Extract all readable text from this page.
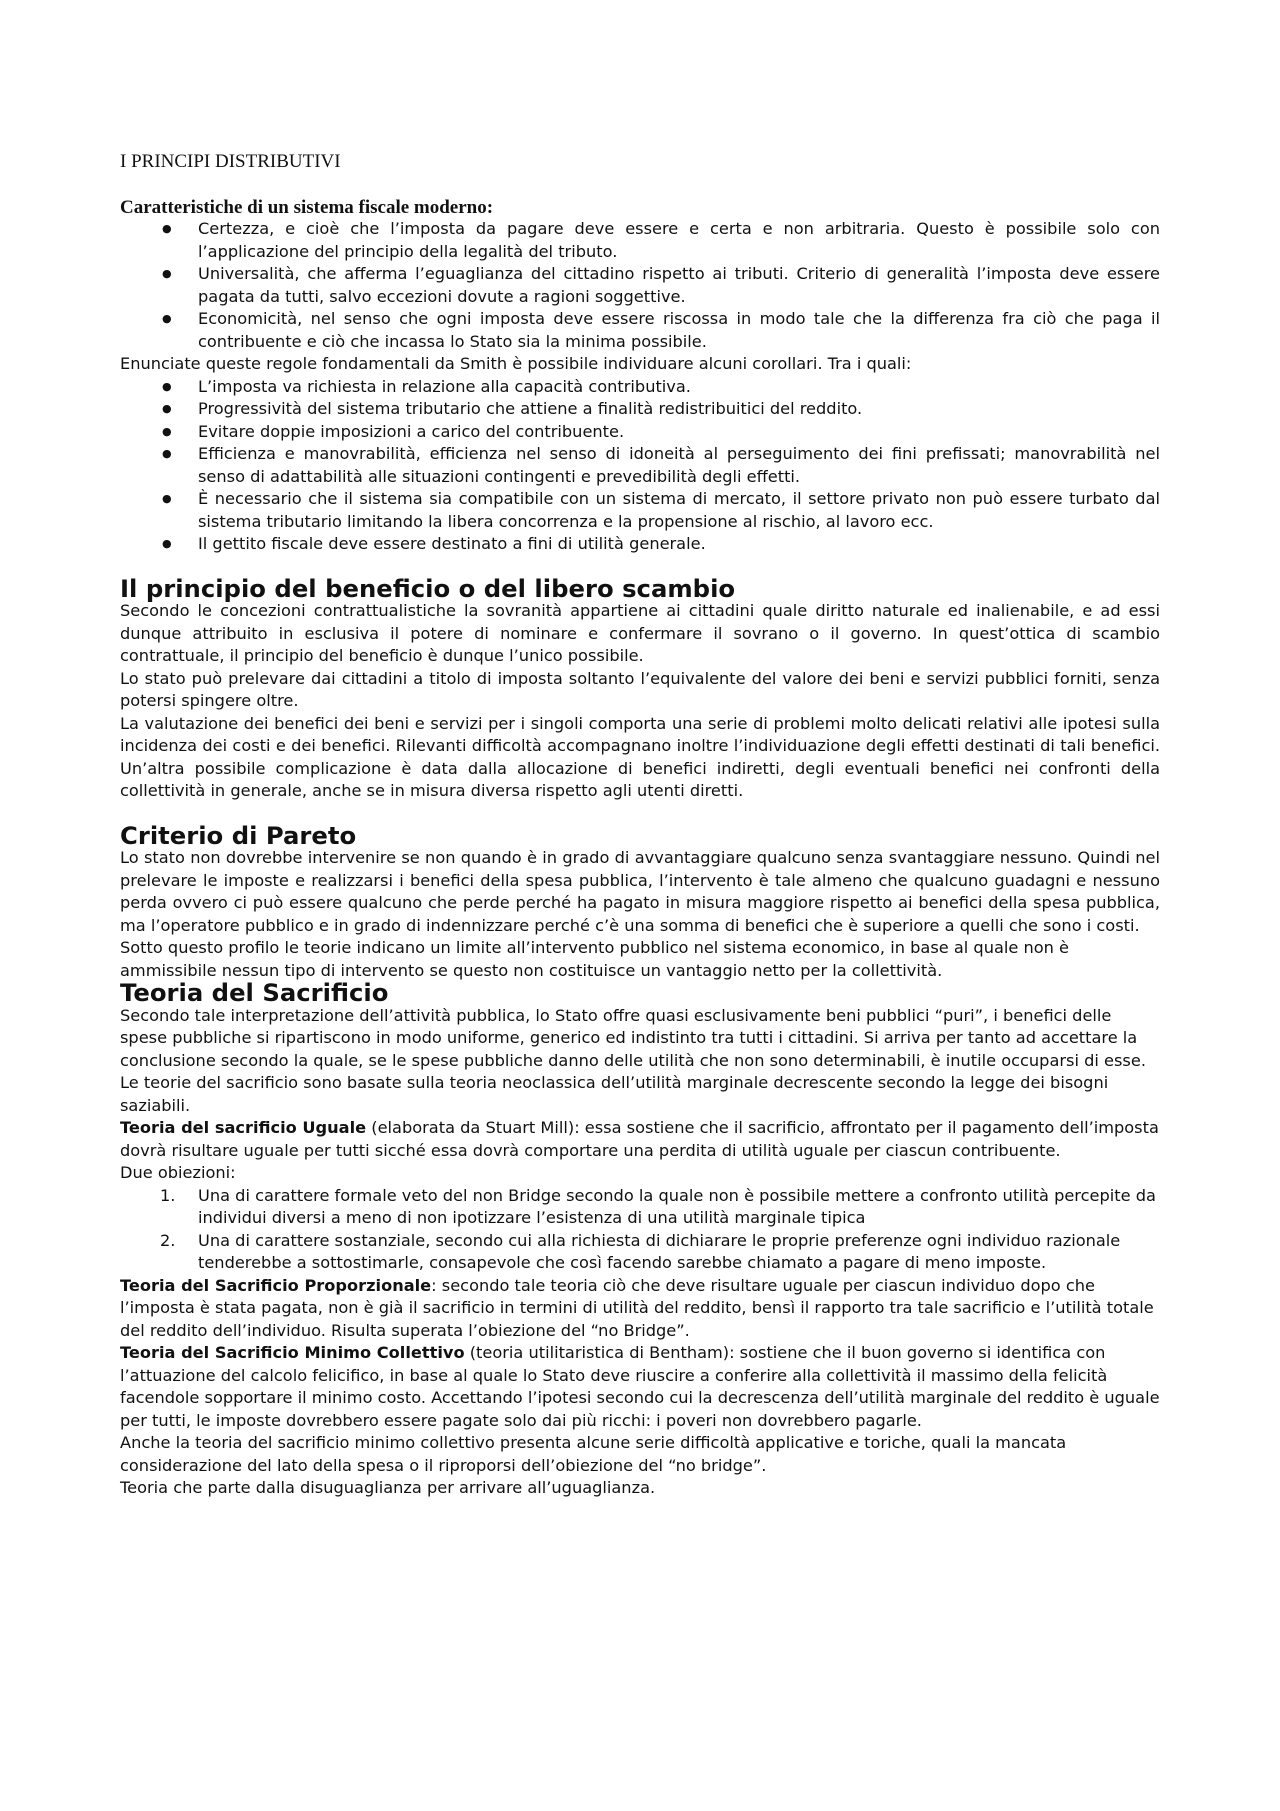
I PRINCIPI DISTRIBUTIVI
Caratteristiche di un sistema fiscale moderno:
● Certezza, e cioè che l’imposta da pagare deve essere e certa e non arbitraria. Questo è possibile solo con l’applicazione del principio della legalità del tributo.
● Universalità, che afferma l’eguaglianza del cittadino rispetto ai tributi. Criterio di generalità l’imposta deve essere pagata da tutti, salvo eccezioni dovute a ragioni soggettive.
● Economicità, nel senso che ogni imposta deve essere riscossa in modo tale che la differenza fra ciò che paga il contribuente e ciò che incassa lo Stato sia la minima possibile.

Enunciate queste regole fondamentali da Smith è possibile individuare alcuni corollari. Tra i quali:

● L’imposta va richiesta in relazione alla capacità contributiva.
● Progressività del sistema tributario che attiene a finalità redistribuitici del reddito.
● Evitare doppie imposizioni a carico del contribuente.
● Efficienza e manovrabilità, efficienza nel senso di idoneità al perseguimento dei fini prefissati; manovrabilità nel senso di adattabilità alle situazioni contingenti e prevedibilità degli effetti.
● È necessario che il sistema sia compatibile con un sistema di mercato, il settore privato non può essere turbato dal sistema tributario limitando la libera concorrenza e la propensione al rischio, al lavoro ecc.
● Il gettito fiscale deve essere destinato a fini di utilità generale.
Il principio del beneficio o del libero scambio

Secondo le concezioni contrattualistiche la sovranità appartiene ai cittadini quale diritto naturale ed inalienabile, e ad essi dunque attribuito in esclusiva il potere di nominare e confermare il sovrano o il governo. In quest’ottica di scambio contrattuale, il principio del beneficio è dunque l’unico possibile.

Lo stato può prelevare dai cittadini a titolo di imposta soltanto l’equivalente del valore dei beni e servizi pubblici forniti, senza potersi spingere oltre.

La valutazione dei benefici dei beni e servizi per i singoli comporta una serie di problemi molto delicati relativi alle ipotesi sulla incidenza dei costi e dei benefici. Rilevanti difficoltà accompagnano inoltre l’individuazione degli effetti destinati di tali benefici. Un’altra possibile complicazione è data dalla allocazione di benefici indiretti, degli eventuali benefici nei confronti della collettività in generale, anche se in misura diversa rispetto agli utenti diretti.

Criterio di Pareto

Lo stato non dovrebbe intervenire se non quando è in grado di avvantaggiare qualcuno senza svantaggiare nessuno. Quindi nel prelevare le imposte e realizzarsi i benefici della spesa pubblica, l’intervento è tale almeno che qualcuno guadagni e nessuno perda ovvero ci può essere qualcuno che perde perché ha pagato in misura maggiore rispetto ai benefici della spesa pubblica, ma l’operatore pubblico e in grado di indennizzare perché c’è una somma di benefici che è superiore a quelli che sono i costi.

Sotto questo profilo le teorie indicano un limite all’intervento pubblico nel sistema economico, in base al quale non è ammissibile nessun tipo di intervento se questo non costituisce un vantaggio netto per la collettività.

Teoria del Sacrificio

Secondo tale interpretazione dell’attività pubblica, lo Stato offre quasi esclusivamente beni pubblici “puri”, i benefici delle spese pubbliche si ripartiscono in modo uniforme, generico ed indistinto tra tutti i cittadini. Si arriva per tanto ad accettare la conclusione secondo la quale, se le spese pubbliche danno delle utilità che non sono determinabili, è inutile occuparsi di esse.

Le teorie del sacrificio sono basate sulla teoria neoclassica dell’utilità marginale decrescente secondo la legge dei bisogni saziabili.

Teoria del sacrificio Uguale (elaborata da Stuart Mill): essa sostiene che il sacrificio, affrontato per il pagamento dell’imposta dovrà risultare uguale per tutti sicché essa dovrà comportare una perdita di utilità uguale per ciascun contribuente.

Due obiezioni:

1. Una di carattere formale veto del non Bridge secondo la quale non è possibile mettere a confronto utilità percepite da individui diversi a meno di non ipotizzare l’esistenza di una utilità marginale tipica
2. Una di carattere sostanziale, secondo cui alla richiesta di dichiarare le proprie preferenze ogni individuo razionale tenderebbe a sottostimarle, consapevole che così facendo sarebbe chiamato a pagare di meno imposte.

Teoria del Sacrificio Proporzionale: secondo tale teoria ciò che deve risultare uguale per ciascun individuo dopo che l’imposta è stata pagata, non è già il sacrificio in termini di utilità del reddito, bensì il rapporto tra tale sacrificio e l’utilità totale del reddito dell’individuo. Risulta superata l’obiezione del “no Bridge”.

Teoria del Sacrificio Minimo Collettivo (teoria utilitaristica di Bentham): sostiene che il buon governo si identifica con l’attuazione del calcolo felicifico, in base al quale lo Stato deve riuscire a conferire alla collettività il massimo della felicità facendole sopportare il minimo costo. Accettando l’ipotesi secondo cui la decrescenza dell’utilità marginale del reddito è uguale per tutti, le imposte dovrebbero essere pagate solo dai più ricchi: i poveri non dovrebbero pagarle.

Anche la teoria del sacrificio minimo collettivo presenta alcune serie difficoltà applicative e toriche, quali la mancata considerazione del lato della spesa o il riproporsi dell’obiezione del “no bridge”.

Teoria che parte dalla disuguaglianza per arrivare all’uguaglianza.
